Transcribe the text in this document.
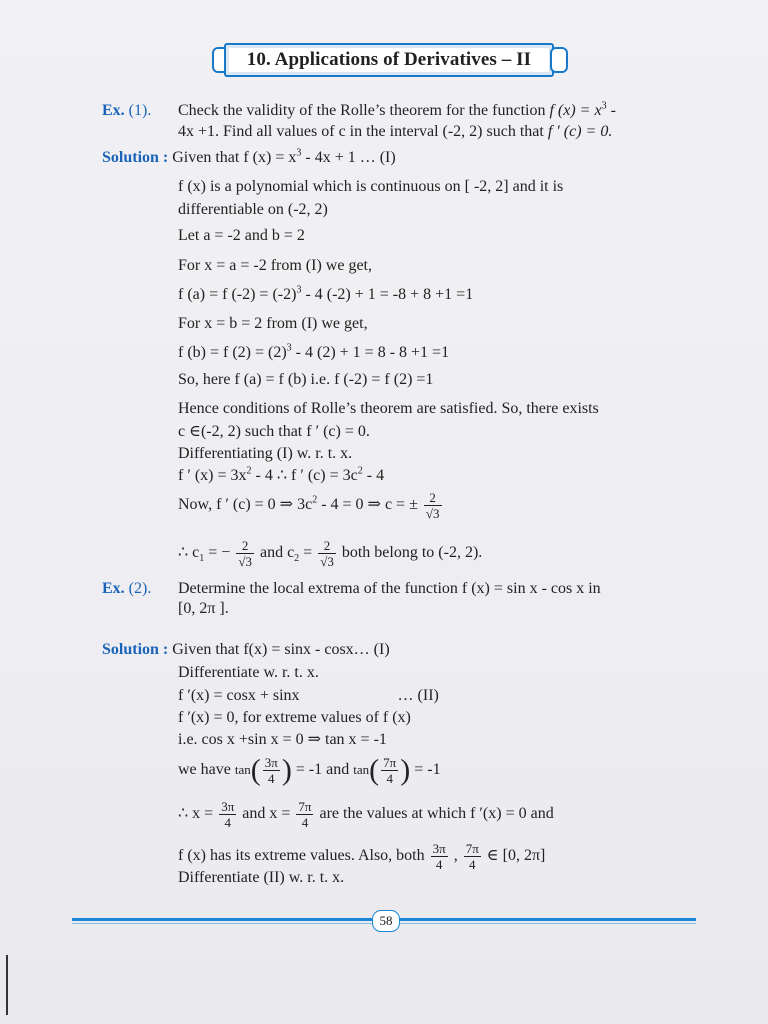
10. Applications of Derivatives – II
Ex. (1). Check the validity of the Rolle’s theorem for the function f $(x) = x^3$ -
4x +1. Find all values of c in the interval (-2, 2) such that f ′ (c) = 0.
Solution : Given that f $(x) = x^3 - 4x + 1$ … (I)
f (x) is a polynomial which is continuous on [ -2, 2] and it is
differentiable on (-2, 2)
Let a = -2 and b = 2
For x = a = -2 from (I) we get,
f (a) = f $(-2) = (-2)^3 - 4$ (-2) + 1 = -8 + 8 +1 =1
For x = b = 2 from (I) we get,
f (b) = f $(2) = (2)^3 - 4$ (2) + 1 = 8 - 8 +1 =1
So, here f (a) = f (b) i.e. f (-2) = f (2) =1
Hence conditions of Rolle’s theorem are satisfied. So, there exists
c ∈(-2, 2) such that f ′ (c) = 0.
Differentiating (I) w. r. t. x.
f ′ $(x) = 3x^2 - 4$ ∴ f ′ $(c) = 3c^2 - 4$
Now, f ′ (c) = 0 ⇒ $3c^2 - 4 = 0$ ⇒ c = ± $\frac{2}{√3}$
∴ $c_1$ = − $\frac{2}{√3}$ and $c_2 = \frac{2}{√3}$ both belong to (-2, 2).
Ex. (2). Determine the local extrema of the function f (x) = sin x - cos x in
[0, 2π ].
Solution : Given that f(x) = sinx - cosx… (I)
Differentiate w. r. t. x.
f ′(x) = cosx + sinx	… (II)
f ′(x) = 0, for extreme values of f (x)
i.e. cos x +sin x = 0 ⇒ tan x = -1
we have $\tan( \frac{3\pi}{4}$ ) = -1 and $\tan( \frac{7\pi}{4}$ ) = -1
∴ $x = \frac{3\pi}{4}$ and $x = \frac{7\pi}{4}$ are the values at which f ′(x) = 0 and
f (x) has its extreme values. Also, both $\frac{3\pi}{4}$ , $\frac{7\pi}{4}$ ∈ [0, 2π]
Differentiate (II) w. r. t. x.
58
